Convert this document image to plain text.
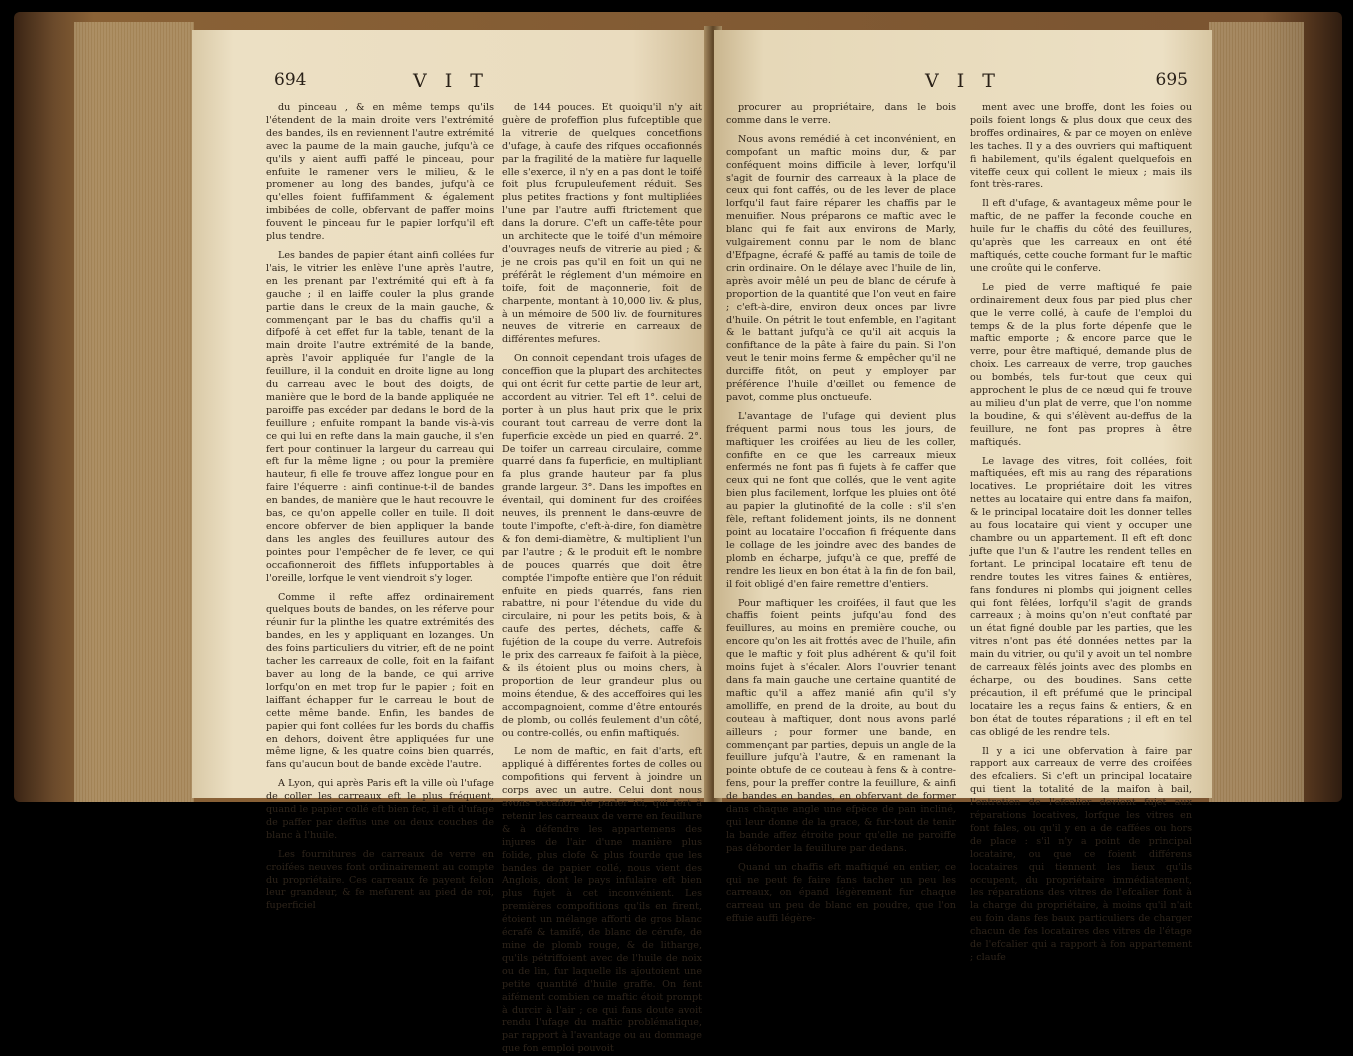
694	V I T

du pinceau , & en même temps qu'ils l'étendent de la main droite vers l'extrémité des bandes, ils en reviennent l'autre extrémité avec la paume de la main gauche, jufqu'à ce qu'ils y aient auffi paffé le pinceau, pour enfuite le ramener vers le milieu, & le promener au long des bandes, jufqu'à ce qu'elles foient fuffifamment & également imbibées de colle, obfervant de paffer moins fouvent le pinceau fur le papier lorfqu'il eft plus tendre.

Les bandes de papier étant ainfi collées fur l'ais, le vitrier les enlève l'une après l'autre, en les prenant par l'extrémité qui eft à fa gauche ; il en laiffe couler la plus grande partie dans le creux de la main gauche, & commençant par le bas du chaffis qu'il a difpofé à cet effet fur la table, tenant de la main droite l'autre extrémité de la bande, après l'avoir appliquée fur l'angle de la feuillure, il la conduit en droite ligne au long du carreau avec le bout des doigts, de manière que le bord de la bande appliquée ne paroiffe pas excéder par dedans le bord de la feuillure ; enfuite rompant la bande vis-à-vis ce qui lui en refte dans la main gauche, il s'en fert pour continuer la largeur du carreau qui eft fur la même ligne ; ou pour la première hauteur, fi elle fe trouve affez longue pour en faire l'équerre : ainfi continue-t-il de bandes en bandes, de manière que le haut recouvre le bas, ce qu'on appelle coller en tuile. Il doit encore obferver de bien appliquer la bande dans les angles des feuillures autour des pointes pour l'empêcher de fe lever, ce qui occafionneroit des fifflets infupportables à l'oreille, lorfque le vent viendroit s'y loger.

Comme il refte affez ordinairement quelques bouts de bandes, on les réferve pour réunir fur la plinthe les quatre extrémités des bandes, en les y appliquant en lozanges. Un des foins particuliers du vitrier, eft de ne point tacher les carreaux de colle, foit en la faifant baver au long de la bande, ce qui arrive lorfqu'on en met trop fur le papier ; foit en laiffant échapper fur le carreau le bout de cette même bande. Enfin, les bandes de papier qui font collées fur les bords du chaffis en dehors, doivent être appliquées fur une même ligne, & les quatre coins bien quarrés, fans qu'aucun bout de bande excède l'autre.

A Lyon, qui après Paris eft la ville où l'ufage de coller les carreaux eft le plus fréquent, quand le papier collé eft bien fec, il eft d'ufage de paffer par deffus une ou deux couches de blanc à l'huile.

Les fournitures de carreaux de verre en croifées neuves font ordinairement au compte du propriétaire. Ces carreaux fe payent felon leur grandeur, & fe mefurent au pied de roi, fuperficiel

de 144 pouces. Et quoiqu'il n'y ait guère de profeffion plus fufceptible que la vitrerie de quelques concetfions d'ufage, à caufe des rifques occafionnés par la fragilité de la matière fur laquelle elle s'exerce, il n'y en a pas dont le toifé foit plus fcrupuleufement réduit. Ses plus petites fractions y font multipliées l'une par l'autre auffi ftrictement que dans la dorure. C'eft un caffe-tête pour un architecte que le toifé d'un mémoire d'ouvrages neufs de vitrerie au pied ; & je ne crois pas qu'il en foit un qui ne préférât le réglement d'un mémoire en toife, foit de maçonnerie, foit de charpente, montant à 10,000 liv. & plus, à un mémoire de 500 liv. de fournitures neuves de vitrerie en carreaux de différentes mefures.

On connoit cependant trois ufages de conceffion que la plupart des architectes qui ont écrit fur cette partie de leur art, accordent au vitrier. Tel eft 1°. celui de porter à un plus haut prix que le prix courant tout carreau de verre dont la fuperficie excède un pied en quarré. 2°. De toifer un carreau circulaire, comme quarré dans fa fuperficie, en multipliant fa plus grande hauteur par fa plus grande largeur. 3°. Dans les impoftes en éventail, qui dominent fur des croifées neuves, ils prennent le dans-œuvre de toute l'impofte, c'eft-à-dire, fon diamètre & fon demi-diamètre, & multiplient l'un par l'autre ; & le produit eft le nombre de pouces quarrés que doit être comptée l'impofte entière que l'on réduit enfuite en pieds quarrés, fans rien rabattre, ni pour l'étendue du vide du circulaire, ni pour les petits bois, & à caufe des pertes, déchets, caffe & fujétion de la coupe du verre. Autrefois le prix des carreaux fe faifoit à la pièce, & ils étoient plus ou moins chers, à proportion de leur grandeur plus ou moins étendue, & des acceffoires qui les accompagnoient, comme d'être entourés de plomb, ou collés feulement d'un côté, ou contre-collés, ou enfin maftiqués.

Le nom de maftic, en fait d'arts, eft appliqué à différentes fortes de colles ou compofitions qui fervent à joindre un corps avec un autre. Celui dont nous avons occafion de parler ici, qui fert à retenir les carreaux de verre en feuillure & à défendre les appartemens des injures de l'air d'une manière plus folide, plus clofe & plus fourde que les bandes de papier collé, nous vient des Anglois, dont le pays infulaire eft bien plus fujet à cet inconvénient. Les premières compofitions qu'ils en firent, étoient un mélange afforti de gros blanc écrafé & tamifé, de blanc de cérufe, de mine de plomb rouge, & de litharge, qu'ils pétriffoient avec de l'huile de noix ou de lin, fur laquelle ils ajoutoient une petite quantité d'huile graffe. On fent aifément combien ce maftic étoit prompt à durcir à l'air ; ce qui fans doute avoit rendu l'ufage du maftic problématique, par rapport à l'avantage ou au dommage que fon emploi pouvoit

V I T	695

procurer au propriétaire, dans le bois comme dans le verre.

Nous avons remédié à cet inconvénient, en compofant un maftic moins dur, & par conféquent moins difficile à lever, lorfqu'il s'agit de fournir des carreaux à la place de ceux qui font caffés, ou de les lever de place lorfqu'il faut faire réparer les chaffis par le menuifier. Nous préparons ce maftic avec le blanc qui fe fait aux environs de Marly, vulgairement connu par le nom de blanc d'Efpagne, écrafé & paffé au tamis de toile de crin ordinaire. On le délaye avec l'huile de lin, après avoir mêlé un peu de blanc de cérufe à proportion de la quantité que l'on veut en faire ; c'eft-à-dire, environ deux onces par livre d'huile. On pétrit le tout enfemble, en l'agitant & le battant jufqu'à ce qu'il ait acquis la confiftance de la pâte à faire du pain. Si l'on veut le tenir moins ferme & empêcher qu'il ne durciffe fitôt, on peut y employer par préférence l'huile d'œillet ou femence de pavot, comme plus onctueufe.

L'avantage de l'ufage qui devient plus fréquent parmi nous tous les jours, de maftiquer les croifées au lieu de les coller, confifte en ce que les carreaux mieux enfermés ne font pas fi fujets à fe caffer que ceux qui ne font que collés, que le vent agite bien plus facilement, lorfque les pluies ont ôté au papier la glutinofité de la colle : s'il s'en fèle, reftant folidement joints, ils ne donnent point au locataire l'occafion fi fréquente dans le collage de les joindre avec des bandes de plomb en écharpe, jufqu'à ce que, preffé de rendre les lieux en bon état à la fin de fon bail, il foit obligé d'en faire remettre d'entiers.

Pour maftiquer les croifées, il faut que les chaffis foient peints jufqu'au fond des feuillures, au moins en première couche, ou encore qu'on les ait frottés avec de l'huile, afin que le maftic y foit plus adhérent & qu'il foit moins fujet à s'écaler. Alors l'ouvrier tenant dans fa main gauche une certaine quantité de maftic qu'il a affez manié afin qu'il s'y amolliffe, en prend de la droite, au bout du couteau à maftiquer, dont nous avons parlé ailleurs ; pour former une bande, en commençant par parties, depuis un angle de la feuillure jufqu'à l'autre, & en ramenant la pointe obtufe de ce couteau à fens & à contre-fens, pour la preffer contre la feuillure, & ainfi de bandes en bandes, en obfervant de former dans chaque angle une efpèce de pan incliné, qui leur donne de la grace, & fur-tout de tenir la bande affez étroite pour qu'elle ne paroiffe pas déborder la feuillure par dedans.

Quand un chaffis eft maftiqué en entier, ce qui ne peut fe faire fans tacher un peu les carreaux, on épand légèrement fur chaque carreau un peu de blanc en poudre, que l'on effuie auffi légère-

ment avec une broffe, dont les foies ou poils foient longs & plus doux que ceux des broffes ordinaires, & par ce moyen on enlève les taches. Il y a des ouvriers qui maftiquent fi habilement, qu'ils égalent quelquefois en viteffe ceux qui collent le mieux ; mais ils font très-rares.

Il eft d'ufage, & avantageux même pour le maftic, de ne paffer la feconde couche en huile fur le chaffis du côté des feuillures, qu'après que les carreaux en ont été maftiqués, cette couche formant fur le maftic une croûte qui le conferve.

Le pied de verre maftiqué fe paie ordinairement deux fous par pied plus cher que le verre collé, à caufe de l'emploi du temps & de la plus forte dépenfe que le maftic emporte ; & encore parce que le verre, pour être maftiqué, demande plus de choix. Les carreaux de verre, trop gauches ou bombés, tels fur-tout que ceux qui approchent le plus de ce nœud qui fe trouve au milieu d'un plat de verre, que l'on nomme la boudine, & qui s'élèvent au-deffus de la feuillure, ne font pas propres à être maftiqués.

Le lavage des vitres, foit collées, foit maftiquées, eft mis au rang des réparations locatives. Le propriétaire doit les vitres nettes au locataire qui entre dans fa maifon, & le principal locataire doit les donner telles au fous locataire qui vient y occuper une chambre ou un appartement. Il eft eft donc jufte que l'un & l'autre les rendent telles en fortant. Le principal locataire eft tenu de rendre toutes les vitres faines & entières, fans fondures ni plombs qui joignent celles qui font fèlées, lorfqu'il s'agit de grands carreaux ; à moins qu'on n'eut conftaté par un état figné double par les parties, que les vitres n'ont pas été données nettes par la main du vitrier, ou qu'il y avoit un tel nombre de carreaux fèlés joints avec des plombs en écharpe, ou des boudines. Sans cette précaution, il eft préfumé que le principal locataire les a reçus fains & entiers, & en bon état de toutes réparations ; il eft en tel cas obligé de les rendre tels.

Il y a ici une obfervation à faire par rapport aux carreaux de verre des croifées des efcaliers. Si c'eft un principal locataire qui tient la totalité de la maifon à bail, l'entretien de l'efcalier devient fujet aux réparations locatives, lorfque les vitres en font fales, ou qu'il y en a de caffées ou hors de place : s'il n'y a point de principal locataire, ou que ce foient différens locataires qui tiennent les lieux qu'ils occupent, du propriétaire immédiatement, les réparations des vitres de l'efcalier font à la charge du propriétaire, à moins qu'il n'ait eu foin dans fes baux particuliers de charger chacun de fes locataires des vitres de l'étage de l'efcalier qui a rapport à fon appartement ; claufe
